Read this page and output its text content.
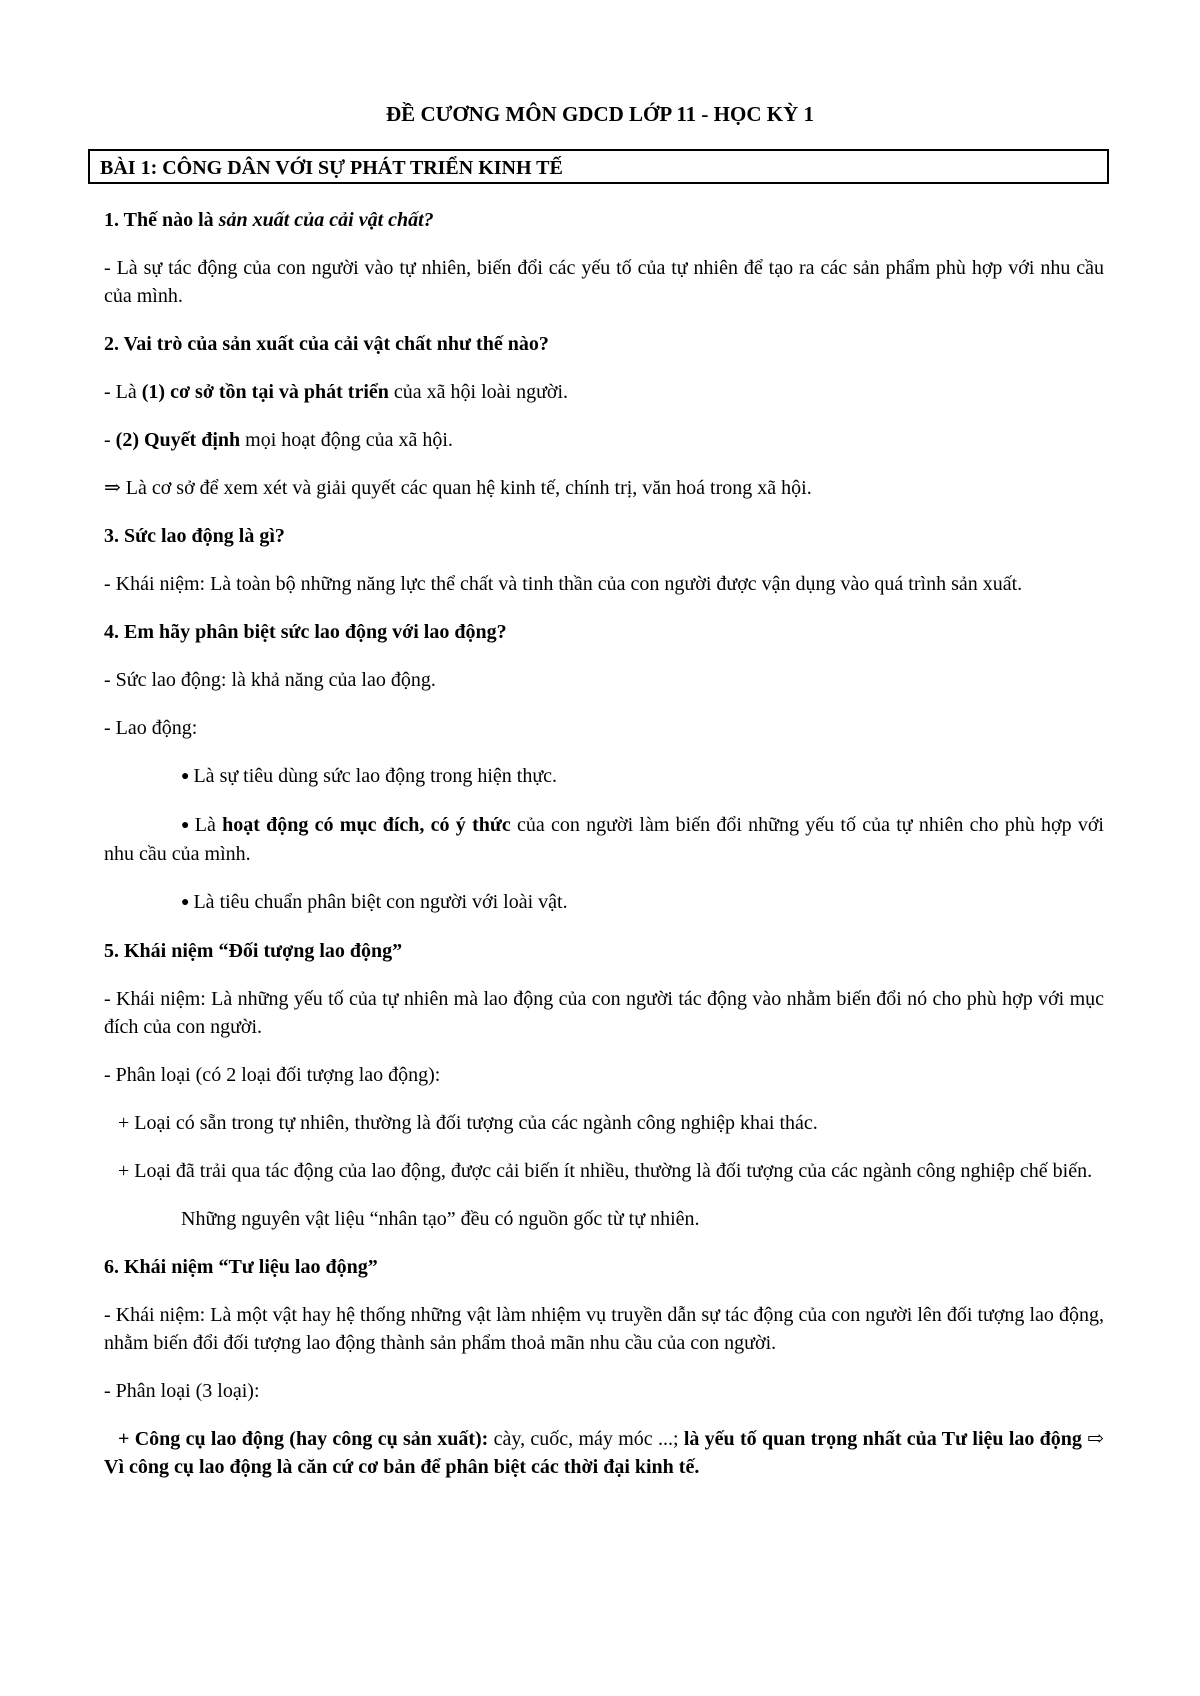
ĐỀ CƯƠNG MÔN GDCD LỚP 11 - HỌC KỲ 1
BÀI 1: CÔNG DÂN VỚI SỰ PHÁT TRIỂN KINH TẾ

1. Thế nào là sản xuất của cải vật chất?

- Là sự tác động của con người vào tự nhiên, biến đổi các yếu tố của tự nhiên để tạo ra các sản phẩm phù hợp với nhu cầu của mình.

2. Vai trò của sản xuất của cải vật chất như thế nào?

- Là (1) cơ sở tồn tại và phát triển của xã hội loài người.

- (2) Quyết định mọi hoạt động của xã hội.

⇒ Là cơ sở để xem xét và giải quyết các quan hệ kinh tế, chính trị, văn hoá trong xã hội.

3. Sức lao động là gì?

- Khái niệm: Là toàn bộ những năng lực thể chất và tinh thần của con người được vận dụng vào quá trình sản xuất.

4. Em hãy phân biệt sức lao động với lao động?

- Sức lao động: là khả năng của lao động.

- Lao động:

● Là sự tiêu dùng sức lao động trong hiện thực.

● Là hoạt động có mục đích, có ý thức của con người làm biến đổi những yếu tố của tự nhiên cho phù hợp với nhu cầu của mình.

● Là tiêu chuẩn phân biệt con người với loài vật.

5. Khái niệm “Đối tượng lao động”

- Khái niệm: Là những yếu tố của tự nhiên mà lao động của con người tác động vào nhằm biến đổi nó cho phù hợp với mục đích của con người.

- Phân loại (có 2 loại đối tượng lao động):

+ Loại có sẵn trong tự nhiên, thường là đối tượng của các ngành công nghiệp khai thác.

+ Loại đã trải qua tác động của lao động, được cải biến ít nhiều, thường là đối tượng của các ngành công nghiệp chế biến.

Những nguyên vật liệu “nhân tạo” đều có nguồn gốc từ tự nhiên.

6. Khái niệm “Tư liệu lao động”

- Khái niệm: Là một vật hay hệ thống những vật làm nhiệm vụ truyền dẫn sự tác động của con người lên đối tượng lao động, nhằm biến đổi đối tượng lao động thành sản phẩm thoả mãn nhu cầu của con người.

- Phân loại (3 loại):

+ Công cụ lao động (hay công cụ sản xuất): cày, cuốc, máy móc ...; là yếu tố quan trọng nhất của Tư liệu lao động ⇨ Vì công cụ lao động là căn cứ cơ bản để phân biệt các thời đại kinh tế.
